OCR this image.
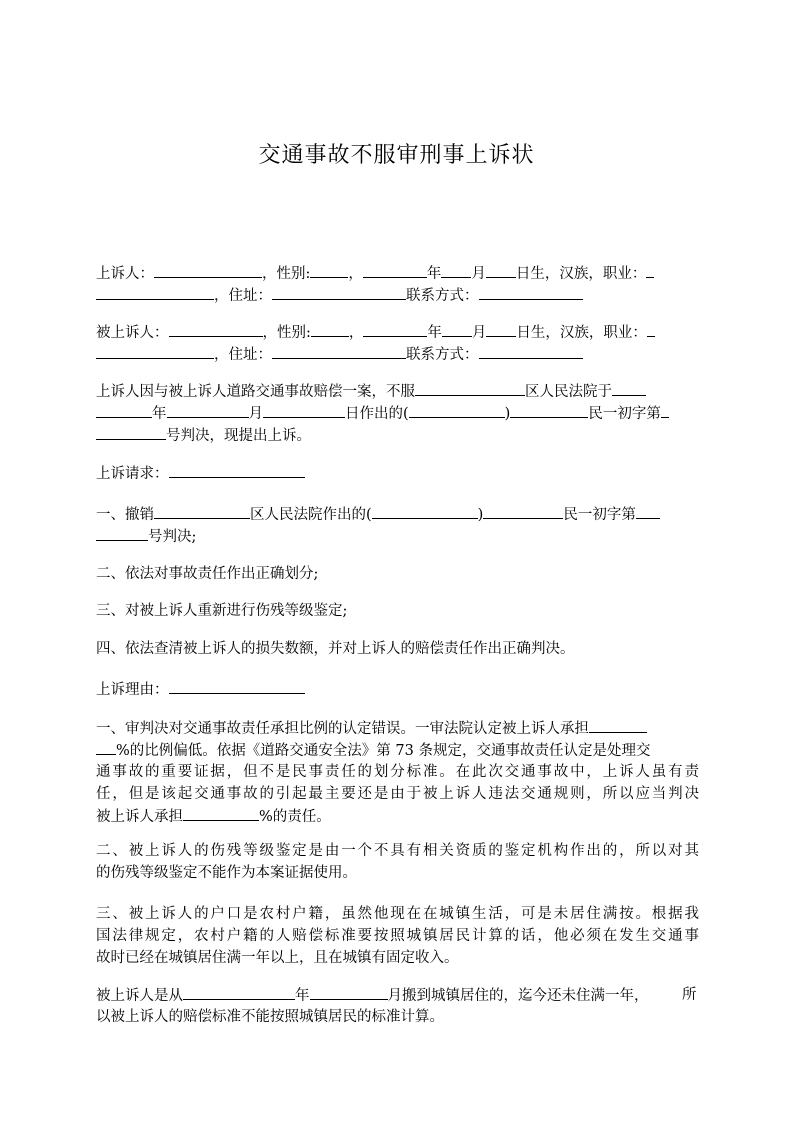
交通事故不服审刑事上诉状
上诉人：	，性别:	，	年 月 日生，汉族，职业：
，住址：	联系方式：
被上诉人：	，性别:	，	年 月 日生，汉族，职业：
，住址：	联系方式：
上诉人因与被上诉人道路交通事故赔偿一案，不服	区人民法院于
年	月	日作出的(	)	民一初字第
号判决，现提出上诉。
上诉请求：
一、撤销	区人民法院作出的(	)	民一初字第
号判决;
二、依法对事故责任作出正确划分;
三、对被上诉人重新进行伤残等级鉴定;
四、依法查清被上诉人的损失数额，并对上诉人的赔偿责任作出正确判决。
上诉理由：
一、审判决对交通事故责任承担比例的认定错误。一审法院认定被上诉人承担
%的比例偏低。依据《道路交通安全法》第 73 条规定，交通事故责任认定是处理交
通事故的重要证据，但不是民事责任的划分标准。在此次交通事故中，上诉人虽有责
任，但是该起交通事故的引起最主要还是由于被上诉人违法交通规则，所以应当判决
被上诉人承担	%的责任。
二、被上诉人的伤残等级鉴定是由一个不具有相关资质的鉴定机构作出的，所以对其
的伤残等级鉴定不能作为本案证据使用。
三、被上诉人的户口是农村户籍，虽然他现在在城镇生活，可是未居住满按。根据我
国法律规定，农村户籍的人赔偿标准要按照城镇居民计算的话，他必须在发生交通事
故时已经在城镇居住满一年以上，且在城镇有固定收入。
被上诉人是从	年	月搬到城镇居住的，迄今还未住满一年， 所
以被上诉人的赔偿标准不能按照城镇居民的标准计算。
